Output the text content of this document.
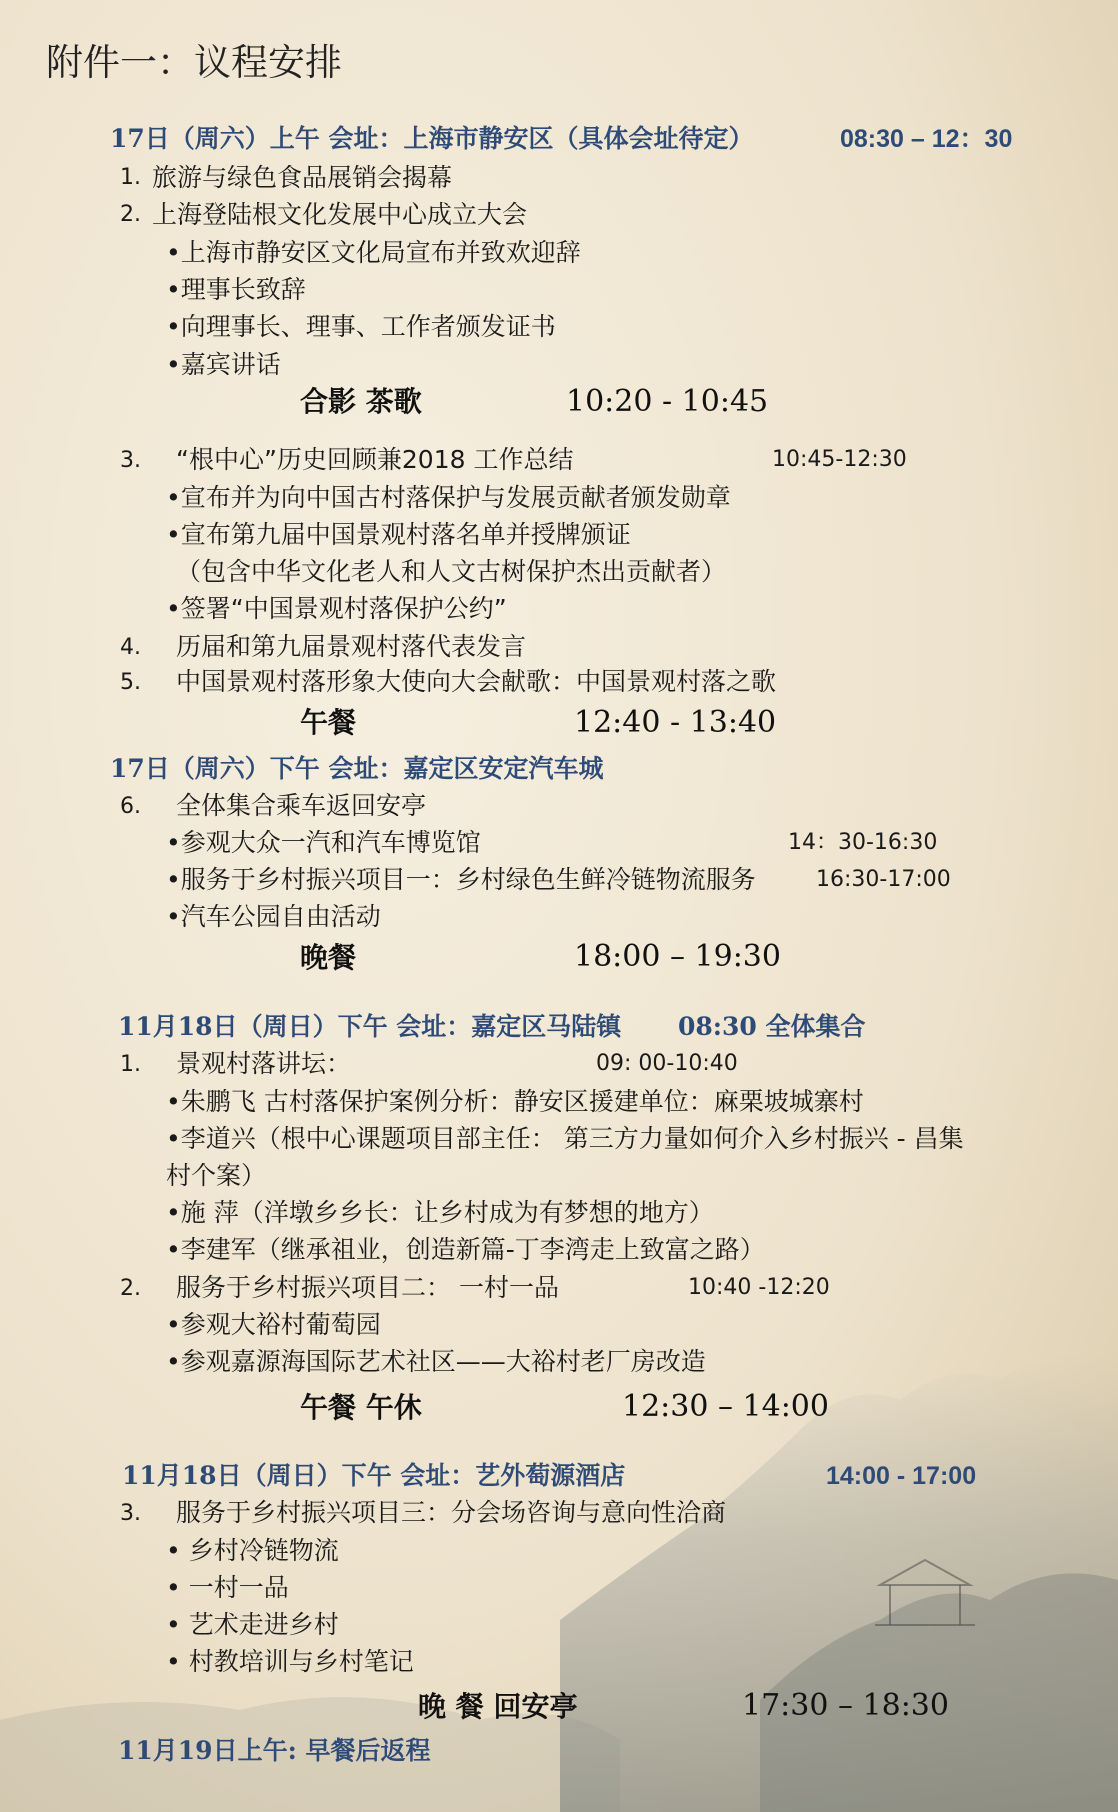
附件一：议程安排
17日（周六）上午 会址：上海市静安区（具体会址待定）	08:30 – 12：30
1. 旅游与绿色食品展销会揭幕
2. 上海登陆根文化发展中心成立大会
•上海市静安区文化局宣布并致欢迎辞
•理事长致辞
•向理事长、理事、工作者颁发证书
•嘉宾讲话
合影 茶歌	10:20 - 10:45
3. “根中心”历史回顾兼2018 工作总结	10:45-12:30
•宣布并为向中国古村落保护与发展贡献者颁发勋章
•宣布第九届中国景观村落名单并授牌颁证
（包含中华文化老人和人文古树保护杰出贡献者）
•签署“中国景观村落保护公约”
4. 历届和第九届景观村落代表发言
5. 中国景观村落形象大使向大会献歌：中国景观村落之歌
午餐	12:40 - 13:40
17日（周六）下午 会址：嘉定区安定汽车城
6. 全体集合乘车返回安亭
•参观大众一汽和汽车博览馆	14：30-16:30
•服务于乡村振兴项目一：乡村绿色生鲜冷链物流服务	16:30-17:00
•汽车公园自由活动
晚餐	18:00 – 19:30
11月18日（周日）下午 会址：嘉定区马陆镇 08:30 全体集合
1. 景观村落讲坛：	09: 00-10:40
•朱鹏飞 古村落保护案例分析：静安区援建单位：麻栗坡城寨村
•李道兴（根中心课题项目部主任： 第三方力量如何介入乡村振兴 - 昌集
村个案）
•施 萍（洋墩乡乡长：让乡村成为有梦想的地方）
•李建军（继承祖业，创造新篇-丁李湾走上致富之路）
2. 服务于乡村振兴项目二： 一村一品	10:40 -12:20
•参观大裕村葡萄园
•参观嘉源海国际艺术社区——大裕村老厂房改造
午餐 午休	12:30 – 14:00
11月18日（周日）下午 会址：艺外萄源酒店	14:00 - 17:00
3. 服务于乡村振兴项目三：分会场咨询与意向性洽商
• 乡村冷链物流
• 一村一品
• 艺术走进乡村
• 村教培训与乡村笔记
晚 餐 回安亭	17:30 – 18:30
11月19日上午: 早餐后返程
